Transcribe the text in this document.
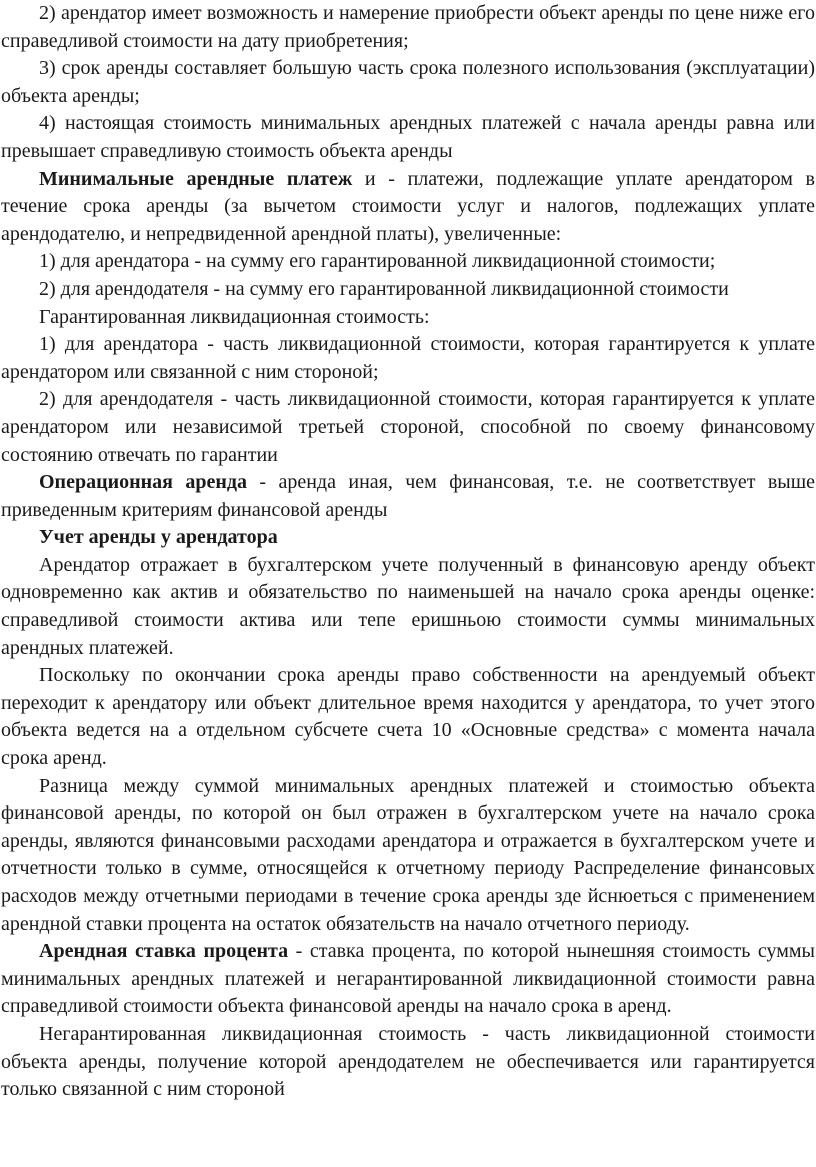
2) арендатор имеет возможность и намерение приобрести объект аренды по цене ниже его справедливой стоимости на дату приобретения;

3) срок аренды составляет большую часть срока полезного использования (эксплуатации) объекта аренды;

4) настоящая стоимость минимальных арендных платежей с начала аренды равна или превышает справедливую стоимость объекта аренды

Минимальные арендные платеж и - платежи, подлежащие уплате арендатором в течение срока аренды (за вычетом стоимости услуг и налогов, подлежащих уплате арендодателю, и непредвиденной арендной платы), увеличенные:

1) для арендатора - на сумму его гарантированной ликвидационной стоимости;

2) для арендодателя - на сумму его гарантированной ликвидационной стоимости

Гарантированная ликвидационная стоимость:

1) для арендатора - часть ликвидационной стоимости, которая гарантируется к уплате арендатором или связанной с ним стороной;

2) для арендодателя - часть ликвидационной стоимости, которая гарантируется к уплате арендатором или независимой третьей стороной, способной по своему финансовому состоянию отвечать по гарантии

Операционная аренда - аренда иная, чем финансовая, т.е. не соответствует выше приведенным критериям финансовой аренды

Учет аренды у арендатора

Арендатор отражает в бухгалтерском учете полученный в финансовую аренду объект одновременно как актив и обязательство по наименьшей на начало срока аренды оценке: справедливой стоимости актива или тепе еришньою стоимости суммы минимальных арендных платежей.

Поскольку по окончании срока аренды право собственности на арендуемый объект переходит к арендатору или объект длительное время находится у арендатора, то учет этого объекта ведется на а отдельном субсчете счета 10 «Основные средства» с момента начала срока аренд.

Разница между суммой минимальных арендных платежей и стоимостью объекта финансовой аренды, по которой он был отражен в бухгалтерском учете на начало срока аренды, являются финансовыми расходами арендатора и отражается в бухгалтерском учете и отчетности только в сумме, относящейся к отчетному периоду Распределение финансовых расходов между отчетными периодами в течение срока аренды зде йснюеться с применением арендной ставки процента на остаток обязательств на начало отчетного периоду.

Арендная ставка процента - ставка процента, по которой нынешняя стоимость суммы минимальных арендных платежей и негарантированной ликвидационной стоимости равна справедливой стоимости объекта финансовой аренды на начало срока в аренд.

Негарантированная ликвидационная стоимость - часть ликвидационной стоимости объекта аренды, получение которой арендодателем не обеспечивается или гарантируется только связанной с ним стороной
